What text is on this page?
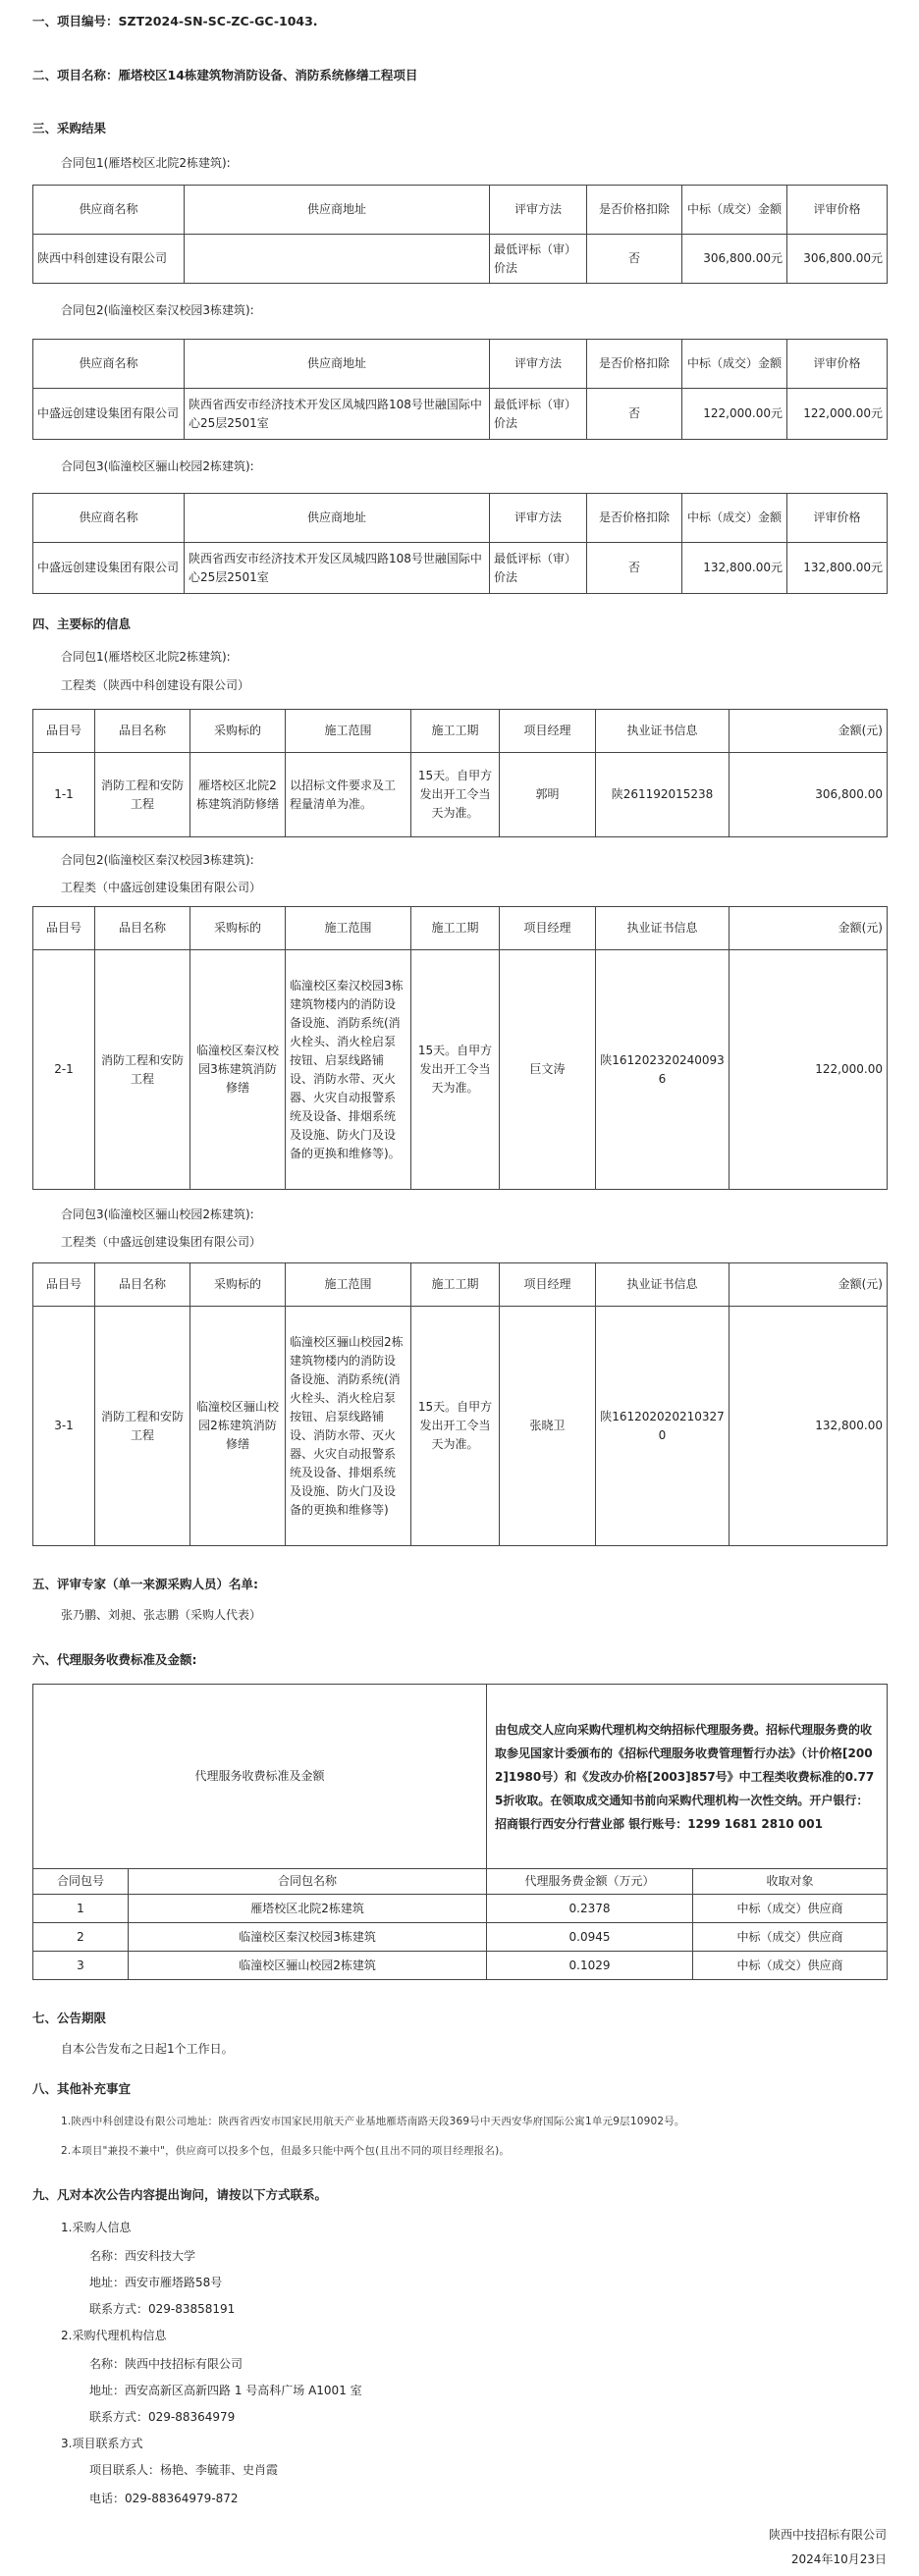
一、项目编号：SZT2024-SN-SC-ZC-GC-1043.
二、项目名称：雁塔校区14栋建筑物消防设备、消防系统修缮工程项目
三、采购结果
合同包1(雁塔校区北院2栋建筑):
供应商名称	供应商地址	评审方法	是否价格扣除	中标（成交）金额	评审价格
陕西中科创建设有限公司		最低评标（审）价法	否	306,800.00元	306,800.00元
合同包2(临潼校区秦汉校园3栋建筑):
供应商名称	供应商地址	评审方法	是否价格扣除	中标（成交）金额	评审价格
中盛远创建设集团有限公司	陕西省西安市经济技术开发区凤城四路108号世融国际中心25层2501室	最低评标（审）价法	否	122,000.00元	122,000.00元
合同包3(临潼校区骊山校园2栋建筑):
供应商名称	供应商地址	评审方法	是否价格扣除	中标（成交）金额	评审价格
中盛远创建设集团有限公司	陕西省西安市经济技术开发区凤城四路108号世融国际中心25层2501室	最低评标（审）价法	否	132,800.00元	132,800.00元
四、主要标的信息
合同包1(雁塔校区北院2栋建筑):
工程类（陕西中科创建设有限公司）
品目号	品目名称	采购标的	施工范围	施工工期	项目经理	执业证书信息	金额(元)
1-1	消防工程和安防工程	雁塔校区北院2栋建筑消防修缮	以招标文件要求及工程量清单为准。	15天。自甲方发出开工令当天为准。	郭明	陕261192015238	306,800.00
合同包2(临潼校区秦汉校园3栋建筑):
工程类（中盛远创建设集团有限公司）
品目号	品目名称	采购标的	施工范围	施工工期	项目经理	执业证书信息	金额(元)
2-1	消防工程和安防工程	临潼校区秦汉校园3栋建筑消防修缮	临潼校区秦汉校园3栋建筑物楼内的消防设备设施、消防系统(消火栓头、消火栓启泵按钮、启泵线路铺设、消防水带、灭火器、火灾自动报警系统及设备、排烟系统及设施、防火门及设备的更换和维修等)。	15天。自甲方发出开工令当天为准。	巨文涛	陕1612023202400936	122,000.00
合同包3(临潼校区骊山校园2栋建筑):
工程类（中盛远创建设集团有限公司）
品目号	品目名称	采购标的	施工范围	施工工期	项目经理	执业证书信息	金额(元)
3-1	消防工程和安防工程	临潼校区骊山校园2栋建筑消防修缮	临潼校区骊山校园2栋建筑物楼内的消防设备设施、消防系统(消火栓头、消火栓启泵按钮、启泵线路铺设、消防水带、灭火器、火灾自动报警系统及设备、排烟系统及设施、防火门及设备的更换和维修等)	15天。自甲方发出开工令当天为准。	张晓卫	陕1612020202103270	132,800.00
五、评审专家（单一来源采购人员）名单:
张乃鹏、刘昶、张志鹏（采购人代表）
六、代理服务收费标准及金额:
代理服务收费标准及金额		由包成交人应向采购代理机构交纳招标代理服务费。招标代理服务费的收取参见国家计委颁布的《招标代理服务收费管理暂行办法》（计价格[2002]1980号）和《发改办价格[2003]857号》中工程类收费标准的0.775折收取。在领取成交通知书前向采购代理机构一次性交纳。开户银行：招商银行西安分行营业部 银行账号：1299 1681 2810 001	
合同包号	合同包名称	代理服务费金额（万元）	收取对象
1	雁塔校区北院2栋建筑	0.2378	中标（成交）供应商
2	临潼校区秦汉校园3栋建筑	0.0945	中标（成交）供应商
3	临潼校区骊山校园2栋建筑	0.1029	中标（成交）供应商
七、公告期限
自本公告发布之日起1个工作日。
八、其他补充事宜
1.陕西中科创建设有限公司地址：陕西省西安市国家民用航天产业基地雁塔南路天段369号中天西安华府国际公寓1单元9层10902号。
2.本项目"兼投不兼中"，供应商可以投多个包，但最多只能中两个包(且出不同的项目经理报名)。
九、凡对本次公告内容提出询问，请按以下方式联系。
1.采购人信息
名称：西安科技大学
地址：西安市雁塔路58号
联系方式：029-83858191
2.采购代理机构信息
名称：陕西中技招标有限公司
地址：西安高新区高新四路 1 号高科广场 A1001 室
联系方式：029-88364979
3.项目联系方式
项目联系人：杨艳、李毓菲、史肖霞
电话：029-88364979-872
陕西中技招标有限公司
2024年10月23日
